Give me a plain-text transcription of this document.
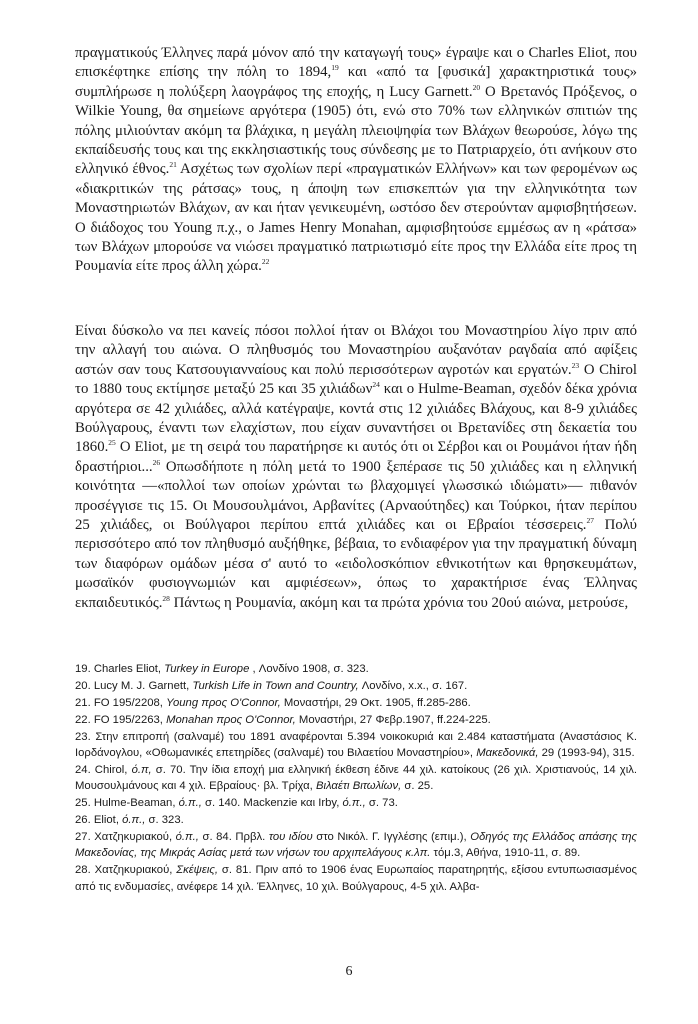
πραγματικούς Έλληνες παρά μόνον από την καταγωγή τους» έγραψε και ο Charles Eliot, που επισκέφτηκε επίσης την πόλη το 1894,19 και «από τα [φυσικά] χαρακτηριστικά τους» συμπλήρωσε η πολύξερη λαογράφος της εποχής, η Lucy Garnett.$^{20}$ Ο Βρετανός Πρόξενος, ο Wilkie Young, θα σημείωνε αργότερα (1905) ότι, ενώ στο 70% των ελληνικών σπιτιών της πόλης μιλιούνταν ακόμη τα βλάχικα, η μεγάλη πλειοψηφία των Βλάχων θεωρούσε, λόγω της εκπαίδευσής τους και της εκκλησιαστικής τους σύνδεσης με το Πατριαρχείο, ότι ανήκουν στο ελληνικό έθνος.$^{21}$ Ασχέτως των σχολίων περί «πραγματικών Ελλήνων» και των φερομένων ως «διακριτικών της ράτσας» τους, η άποψη των επισκεπτών για την ελληνικότητα των Μοναστηριωτών Βλάχων, αν και ήταν γενικευμένη, ωστόσο δεν στερούνταν αμφισβητήσεων. Ο διάδοχος του Young π.χ., ο James Henry Monahan, αμφισβητούσε εμμέσως αν η «ράτσα» των Βλάχων μπορούσε να νιώσει πραγματικό πατριωτισμό είτε προς την Ελλάδα είτε προς τη Ρουμανία είτε προς άλλη χώρα.$^{22}$

Είναι δύσκολο να πει κανείς πόσοι πολλοί ήταν οι Βλάχοι του Μοναστηρίου λίγο πριν από την αλλαγή του αιώνα. Ο πληθυσμός του Μοναστηρίου αυξανόταν ραγδαία από αφίξεις αστών σαν τους Κατσουγιανναίους και πολύ περισσότερων αγροτών και εργατών.$^{23}$ Ο Chirol το 1880 τους εκτίμησε μεταξύ 25 και 35 χιλιάδων$^{24}$ και ο Hulme-Beaman, σχεδόν δέκα χρόνια αργότερα σε 42 χιλιάδες, αλλά κατέγραψε, κοντά στις 12 χιλιάδες Βλάχους, και 8-9 χιλιάδες Βούλγαρους, έναντι των ελαχίστων, που είχαν συναντήσει οι Βρετανίδες στη δεκαετία του 1860.25 Ο Eliot, με τη σειρά του παρατήρησε κι αυτός ότι οι Σέρβοι και οι Ρουμάνοι ήταν ήδη δραστήριοι...$^{26}$ Οπωσδήποτε η πόλη μετά το 1900 ξεπέρασε τις 50 χιλιάδες και η ελληνική κοινότητα —«πολλοί των οποίων χρώνται τω βλαχομιγεί γλωσσικώ ιδιώματι»— πιθανόν προσέγγισε τις 15. Οι Μουσουλμάνοι, Αρβανίτες (Αρναούτηδες) και Τούρκοι, ήταν περίπου 25 χιλιάδες, οι Βούλγαροι περίπου επτά χιλιάδες και οι Εβραίοι τέσσερεις.$^{27}$ Πολύ περισσότερο από τον πληθυσμό αυξήθηκε, βέβαια, το ενδιαφέρον για την πραγματική δύναμη των διαφόρων ομάδων μέσα σ' αυτό το «ειδολοσκόπιον εθνικοτήτων και θρησκευμάτων, μωσαϊκόν φυσιογνωμιών και αμφιέσεων», όπως το χαρακτήρισε ένας Έλληνας εκπαιδευτικός.$^{28}$ Πάντως η Ρουμανία, ακόμη και τα πρώτα χρόνια του 20ού αιώνα, μετρούσε,

19. Charles Eliot, Turkey in Europe , Λονδίνο 1908, σ. 323.
20. Lucy M. J. Garnett, Turkish Life in Town and Country, Λονδίνο, x.x., σ. 167.
21. FO 195/2208, Young προς O'Connor, Μοναστήρι, 29 Οκτ. 1905, ff.285-286.
22. FO 195/2263, Monahan προς O'Connor, Μοναστήρι, 27 Φεβρ.1907, ff.224-225.
23. Στην επιτροπή (σαλναμέ) του 1891 αναφέρονται 5.394 νοικοκυριά και 2.484 καταστήματα (Αναστάσιος Κ. Ιορδάνογλου, «Οθωμανικές επετηρίδες (σαλναμέ) του Βιλαετίου Μοναστηρίου», Μακεδονικά, 29 (1993-94), 315.
24. Chirol, ό.π, σ. 70. Την ίδια εποχή μια ελληνική έκθεση έδινε 44 χιλ. κατοίκους (26 χιλ. Χριστιανούς, 14 χιλ. Μουσουλμάνους και 4 χιλ. Εβραίους· βλ. Τρίχα, Βιλαέτι Βιτωλίων, σ. 25.
25. Hulme-Beaman, ό.π., σ. 140. Mackenzie και Irby, ό.π., σ. 73.
26. Eliot, ό.π., σ. 323.
27. Χατζηκυριακού, ό.π., σ. 84. Πρβλ. του ιδίου στο Νικόλ. Γ. Ιγγλέσης (επιμ.), Οδηγός της Ελλάδος απάσης της Μακεδονίας, της Μικράς Ασίας μετά των νήσων του αρχιπελάγους κ.λπ. τόμ.3, Αθήνα, 1910-11, σ. 89.
28. Χατζηκυριακού, Σκέψεις, σ. 81. Πριν από το 1906 ένας Ευρωπαίος παρατηρητής, εξίσου εντυπωσιασμένος από τις ενδυμασίες, ανέφερε 14 χιλ. Έλληνες, 10 χιλ. Βούλγαρους, 4-5 χιλ. Αλβα-
6
